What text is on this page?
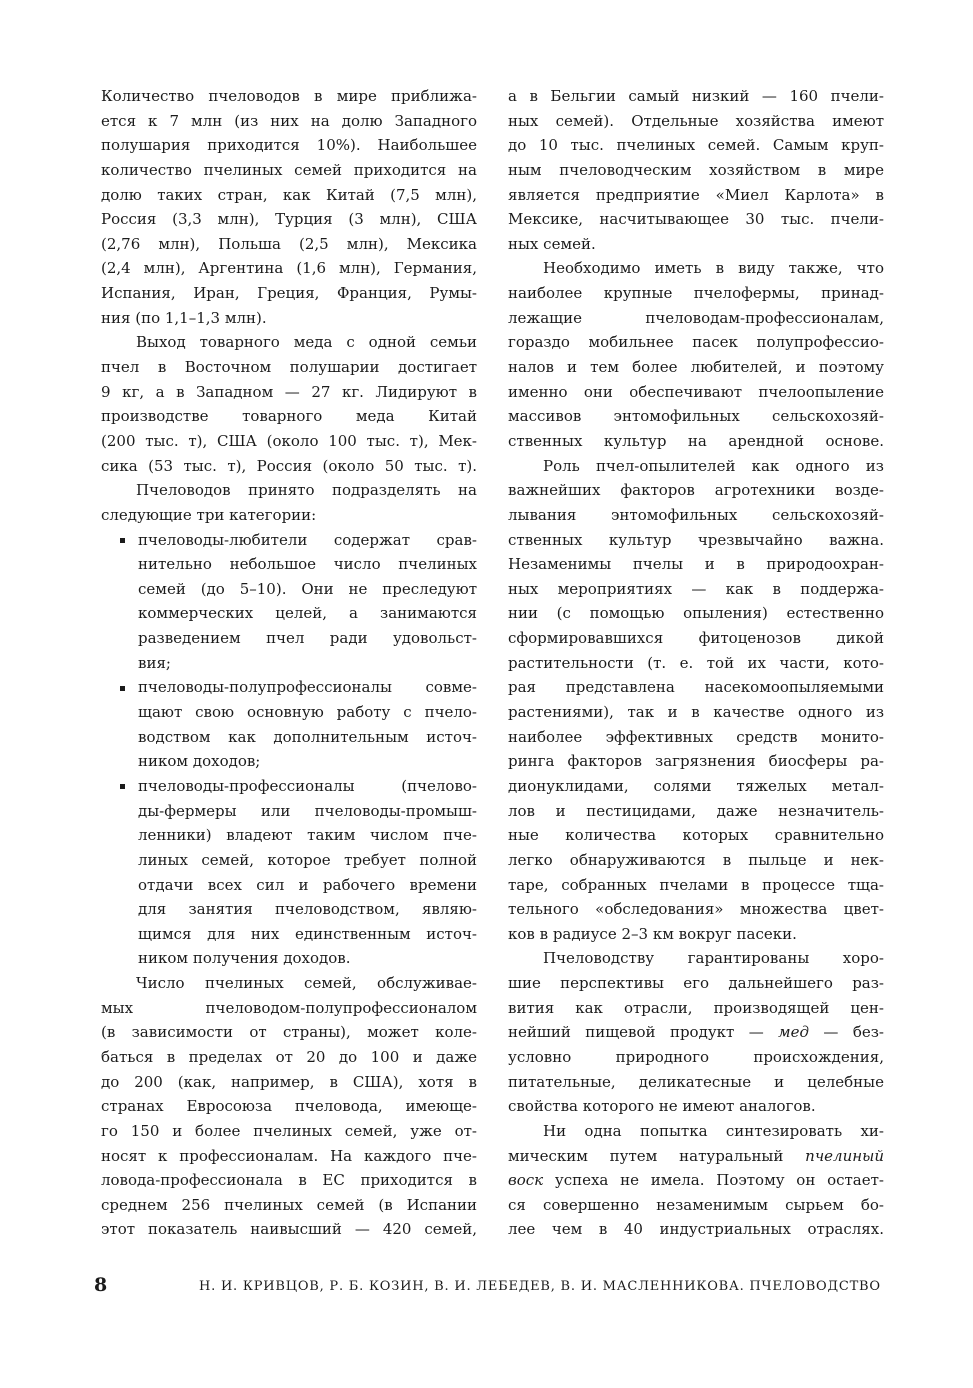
Количество пчеловодов в мире приближа-
ется к 7 млн (из них на долю Западного
полушария приходится 10%). Наибольшее
количество пчелиных семей приходится на
долю таких стран, как Китай (7,5 млн),
Россия (3,3 млн), Турция (3 млн), США
(2,76 млн), Польша (2,5 млн), Мексика
(2,4 млн), Аргентина (1,6 млн), Германия,
Испания, Иран, Греция, Франция, Румы-
ния (по 1,1–1,3 млн).
Выход товарного меда с одной семьи
пчел в Восточном полушарии достигает
9 кг, а в Западном — 27 кг. Лидируют в
производстве товарного меда Китай
(200 тыс. т), США (около 100 тыс. т), Мек-
сика (53 тыс. т), Россия (около 50 тыс. т).
Пчеловодов принято подразделять на
следующие три категории:
пчеловоды-любители содержат срав-
нительно небольшое число пчелиных
семей (до 5–10). Они не преследуют
коммерческих целей, а занимаются
разведением пчел ради удовольст-
вия;
пчеловоды-полупрофессионалы совме-
щают свою основную работу с пчело-
водством как дополнительным источ-
ником доходов;
пчеловоды-профессионалы (пчелово-
ды-фермеры или пчеловоды-промыш-
ленники) владеют таким числом пче-
линых семей, которое требует полной
отдачи всех сил и рабочего времени
для занятия пчеловодством, являю-
щимся для них единственным источ-
ником получения доходов.
Число пчелиных семей, обслуживае-
мых пчеловодом-полупрофессионалом
(в зависимости от страны), может коле-
баться в пределах от 20 до 100 и даже
до 200 (как, например, в США), хотя в
странах Евросоюза пчеловода, имеюще-
го 150 и более пчелиных семей, уже от-
носят к профессионалам. На каждого пче-
ловода-профессионала в ЕС приходится в
среднем 256 пчелиных семей (в Испании
этот показатель наивысший — 420 семей,
а в Бельгии самый низкий — 160 пчели-
ных семей). Отдельные хозяйства имеют
до 10 тыс. пчелиных семей. Самым круп-
ным пчеловодческим хозяйством в мире
является предприятие «Миел Карлота» в
Мексике, насчитывающее 30 тыс. пчели-
ных семей.
Необходимо иметь в виду также, что
наиболее крупные пчелофермы, принад-
лежащие пчеловодам-профессионалам,
гораздо мобильнее пасек полупрофессио-
налов и тем более любителей, и поэтому
именно они обеспечивают пчелоопыление
массивов энтомофильных сельскохозяй-
ственных культур на арендной основе.
Роль пчел-опылителей как одного из
важнейших факторов агротехники возде-
лывания энтомофильных сельскохозяй-
ственных культур чрезвычайно важна.
Незаменимы пчелы и в природоохран-
ных мероприятиях — как в поддержа-
нии (с помощью опыления) естественно
сформировавшихся фитоценозов дикой
растительности (т. е. той их части, кото-
рая представлена насекомоопыляемыми
растениями), так и в качестве одного из
наиболее эффективных средств монито-
ринга факторов загрязнения биосферы ра-
дионуклидами, солями тяжелых метал-
лов и пестицидами, даже незначитель-
ные количества которых сравнительно
легко обнаруживаются в пыльце и нек-
таре, собранных пчелами в процессе тща-
тельного «обследования» множества цвет-
ков в радиусе 2–3 км вокруг пасеки.
Пчеловодству гарантированы хоро-
шие перспективы его дальнейшего раз-
вития как отрасли, производящей цен-
нейший пищевой продукт — мед — без-
условно природного происхождения,
питательные, деликатесные и целебные
свойства которого не имеют аналогов.
Ни одна попытка синтезировать хи-
мическим путем натуральный пчелиный
воск успеха не имела. Поэтому он остает-
ся совершенно незаменимым сырьем бо-
лее чем в 40 индустриальных отраслях.
8	Н. И. КРИВЦОВ, Р. Б. КОЗИН, В. И. ЛЕБЕДЕВ, В. И. МАСЛЕННИКОВА. ПЧЕЛОВОДСТВО
